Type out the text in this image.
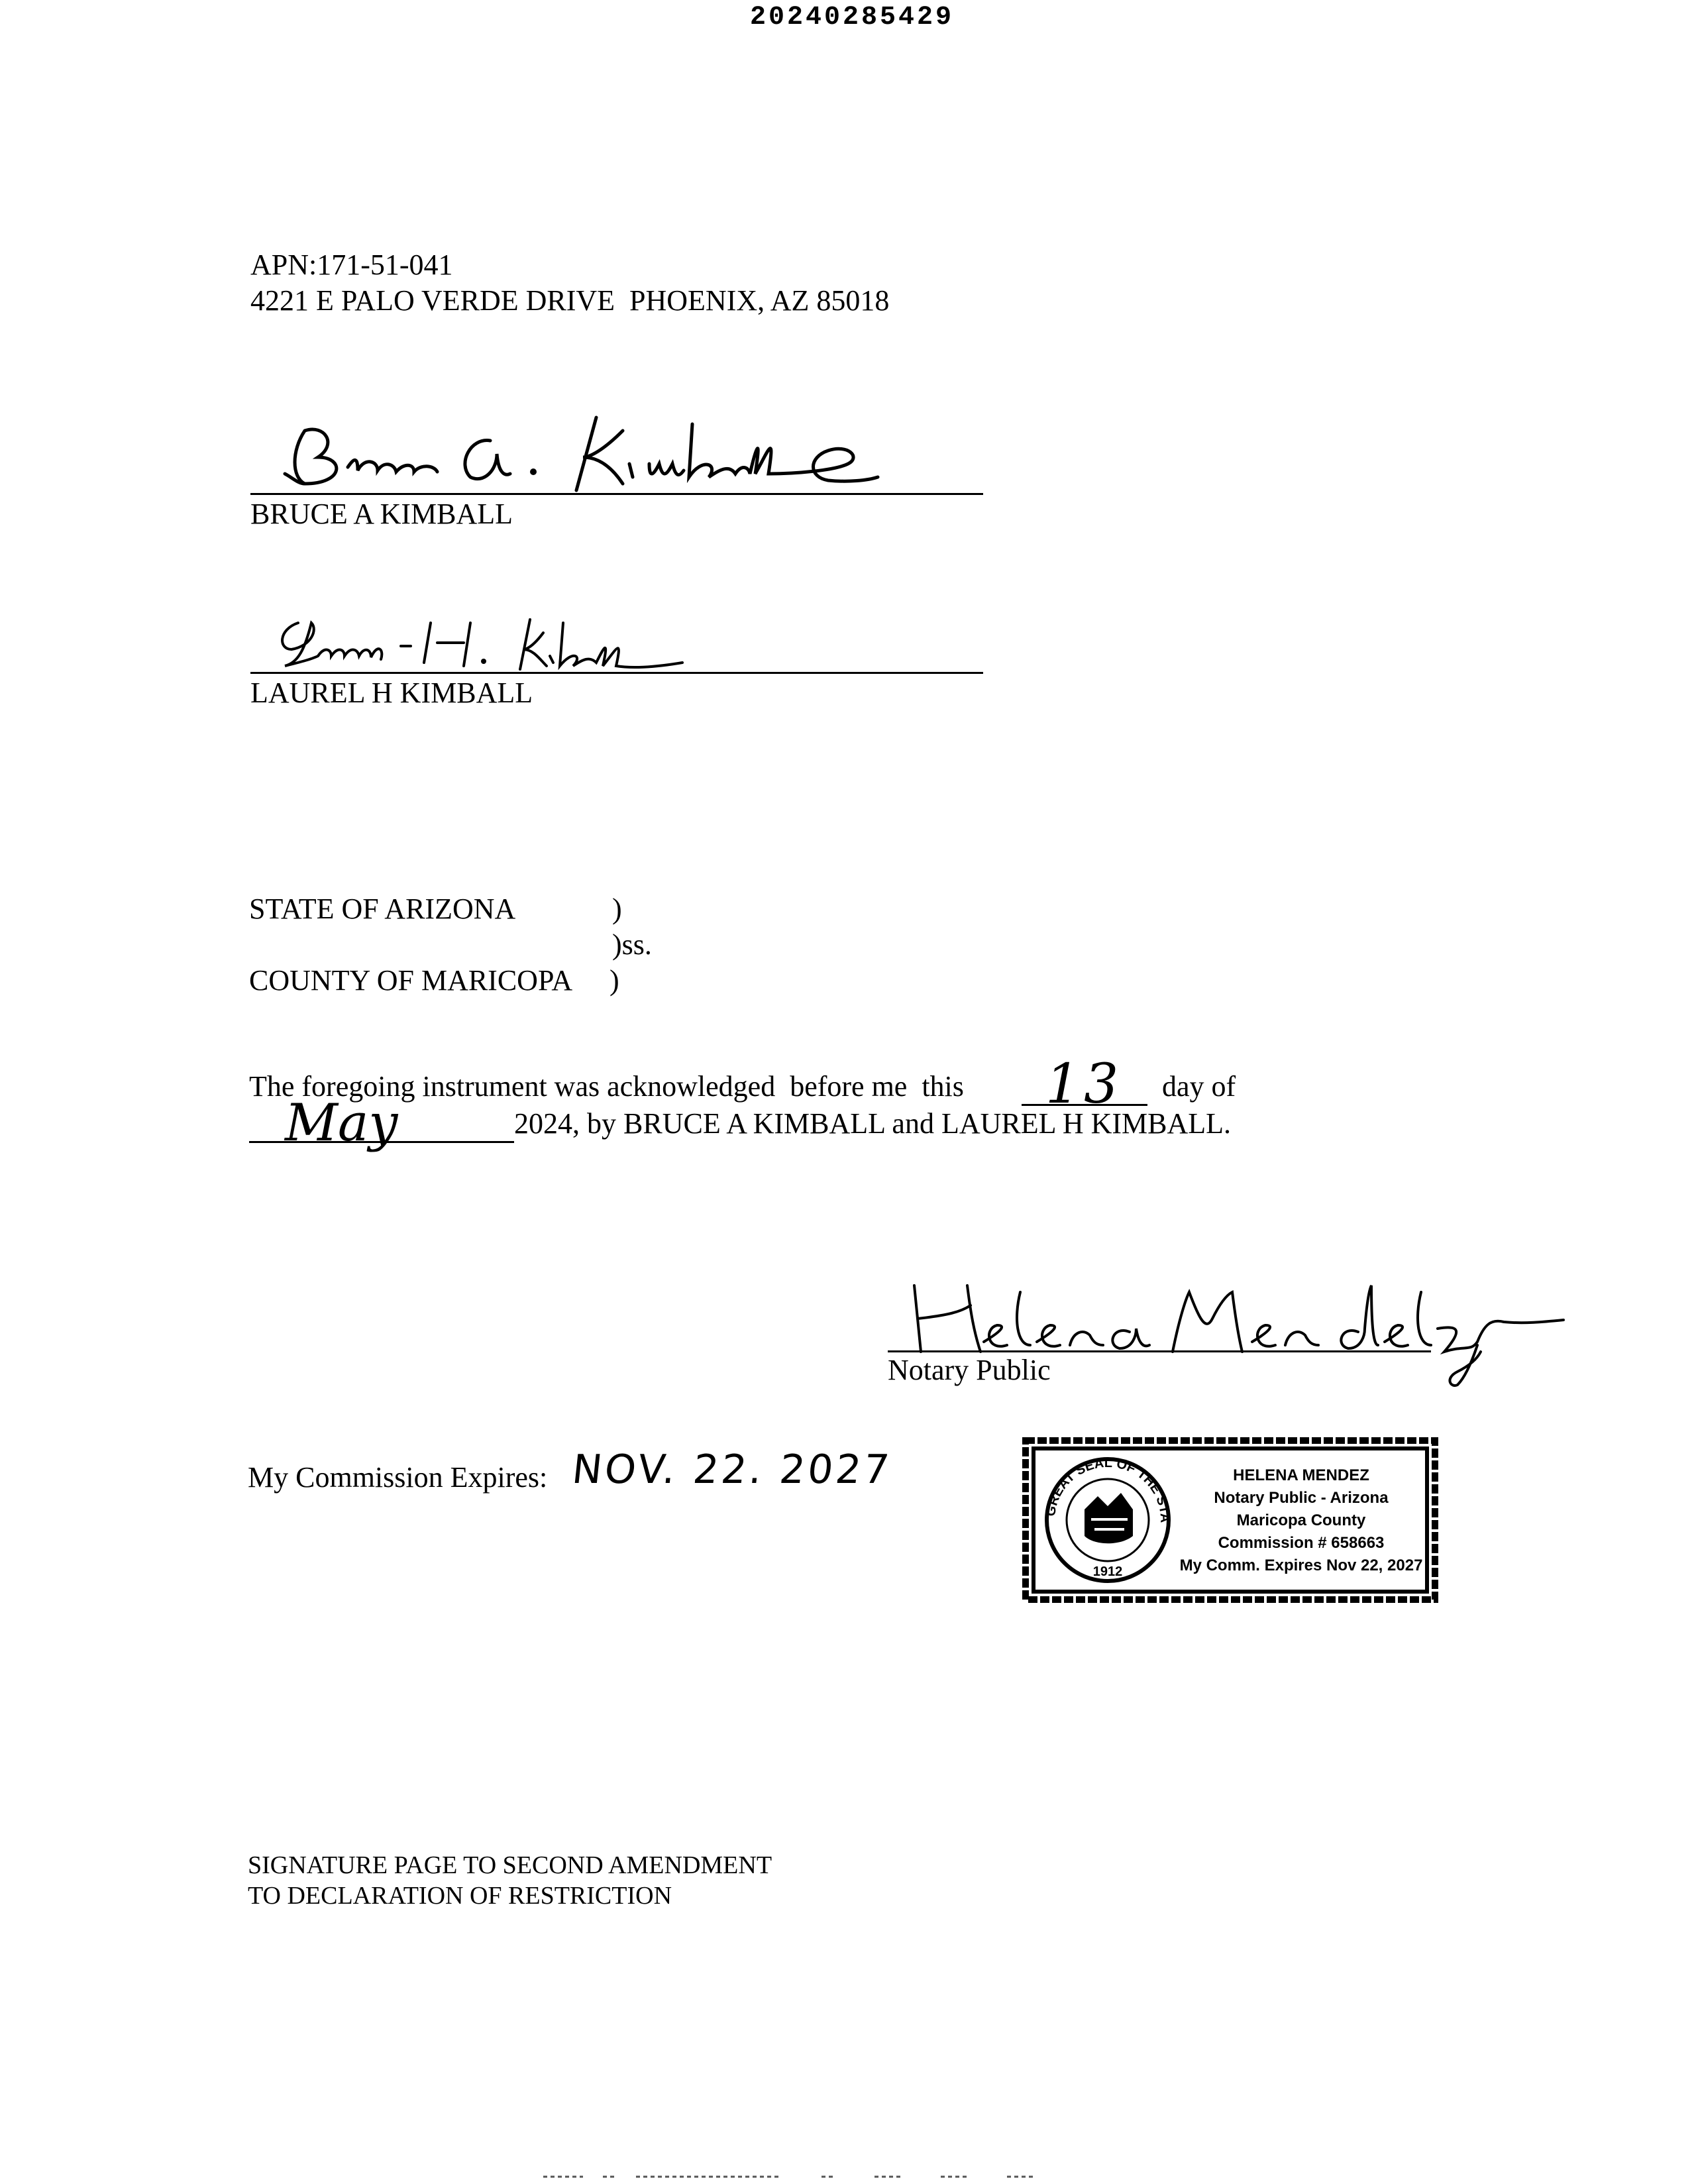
20240285429
APN:171-51-041
4221 E PALO VERDE DRIVE  PHOENIX, AZ 85018
BRUCE A KIMBALL
LAUREL H KIMBALL
STATE OF ARIZONA	)
)ss.
COUNTY OF MARICOPA )
The foregoing instrument was acknowledged  before me  this 13 day of
May	2024, by BRUCE A KIMBALL and LAUREL H KIMBALL.
Notary Public
My Commission Expires: NOV. 22. 2027
GREAT SEAL OF THE STATE OF ARIZONA
1912
HELENA MENDEZ
Notary Public - Arizona
Maricopa County
Commission # 658663
My Comm. Expires Nov 22, 2027
SIGNATURE PAGE TO SECOND AMENDMENT
TO DECLARATION OF RESTRICTION
